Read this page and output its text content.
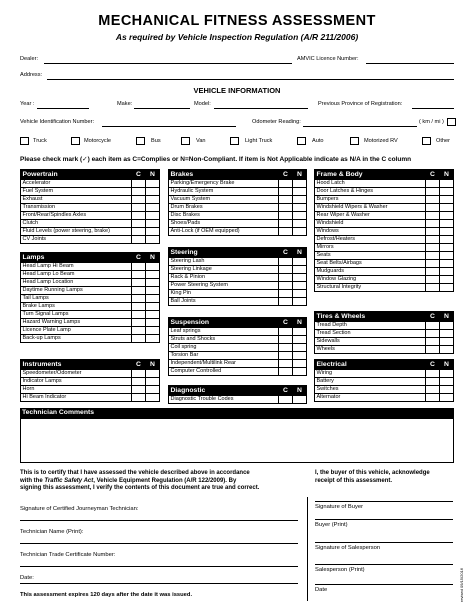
MECHANICAL FITNESS ASSESSMENT
As required by Vehicle Inspection Regulation (A/R 211/2006)
Dealer:	AMVIC Licence Number:
Address:
VEHICLE INFORMATION
Year :	Make:	Model:	Previous Province of Registration:
Vehicle Identification Number:	Odometer Reading:	( km / mi )
Truck	Motorcycle	Bus	Van	Light Truck	Auto	Motorized RV	Other
Please check mark (✓) each item as C=Complies or N=Non-Compliant. If item is Not Applicable indicate as N/A in the C column
Powertrain	C	N
Accelerator		
Fuel System		
Exhaust		
Transmission		
Front/Rear/Spindles Axles		
Clutch		
Fluid Levels (power steering, brake)		
CV Joints		
Lamps	C	N
Head Lamp Hi Beam		
Head Lamp Lo Beam		
Head Lamp Location		
Daytime Running Lamps		
Tail Lamps		
Brake Lamps		
Turn Signal Lamps		
Hazard Warning Lamps		
Licence Plate Lamp		
Back-up Lamps		
Instruments	C	N
Speedometer/Odometer		
Indicator Lamps		
Horn		
Hi Beam Indicator		
Brakes	C	N
Parking/Emergency Brake		
Hydraulic System		
Vacuum System		
Drum Brakes		
Disc Brakes		
Shoes/Pads		
Anti-Lock (if OEM equipped)		
Steering	C	N
Steering Lash		
Steering Linkage		
Rack & Pinion		
Power Steering System		
King Pin		
Ball Joints		
Suspension	C	N
Leaf springs		
Struts and Shocks		
Coil spring		
Torsion Bar		
Independent/Multilink Rear		
Computer Controlled		
Diagnostic	C	N
Diagnostic Trouble Codes		
Frame & Body	C	N
Hood Latch		
Door Latches & Hinges		
Bumpers		
Windshield Wipers & Washer		
Rear Wiper & Washer		
Windshield		
Windows		
Defrost/Heaters		
Mirrors		
Seats		
Seat Belts/Airbags		
Mudguards		
Window Glazing		
Structural Integrity		
Tires & Wheels	C	N
Tread Depth		
Tread Section		
Sidewalls		
Wheels		
Electrical	C	N
Wiring		
Battery		
Switches		
Alternator		
Technician Comments
This is to certify that I have assessed the vehicle described above in accordance
with the Traffic Safety Act, Vehicle Equipment Regulation (A/R 122/2009). By
signing this assessment, I verify the contents of this document are true and correct.
I, the buyer of this vehicle, acknowledge
receipt of this assessment.
Signature of Certified Journeyman Technician:
Technician Name (Print):
Technician Trade Certificate Number:
Date:
This assessment expires 120 days after the date it was issued.
Signature of Buyer
Buyer (Print)
Signature of Salesperson
Salesperson (Print)
Date	revised 09/15/2016
